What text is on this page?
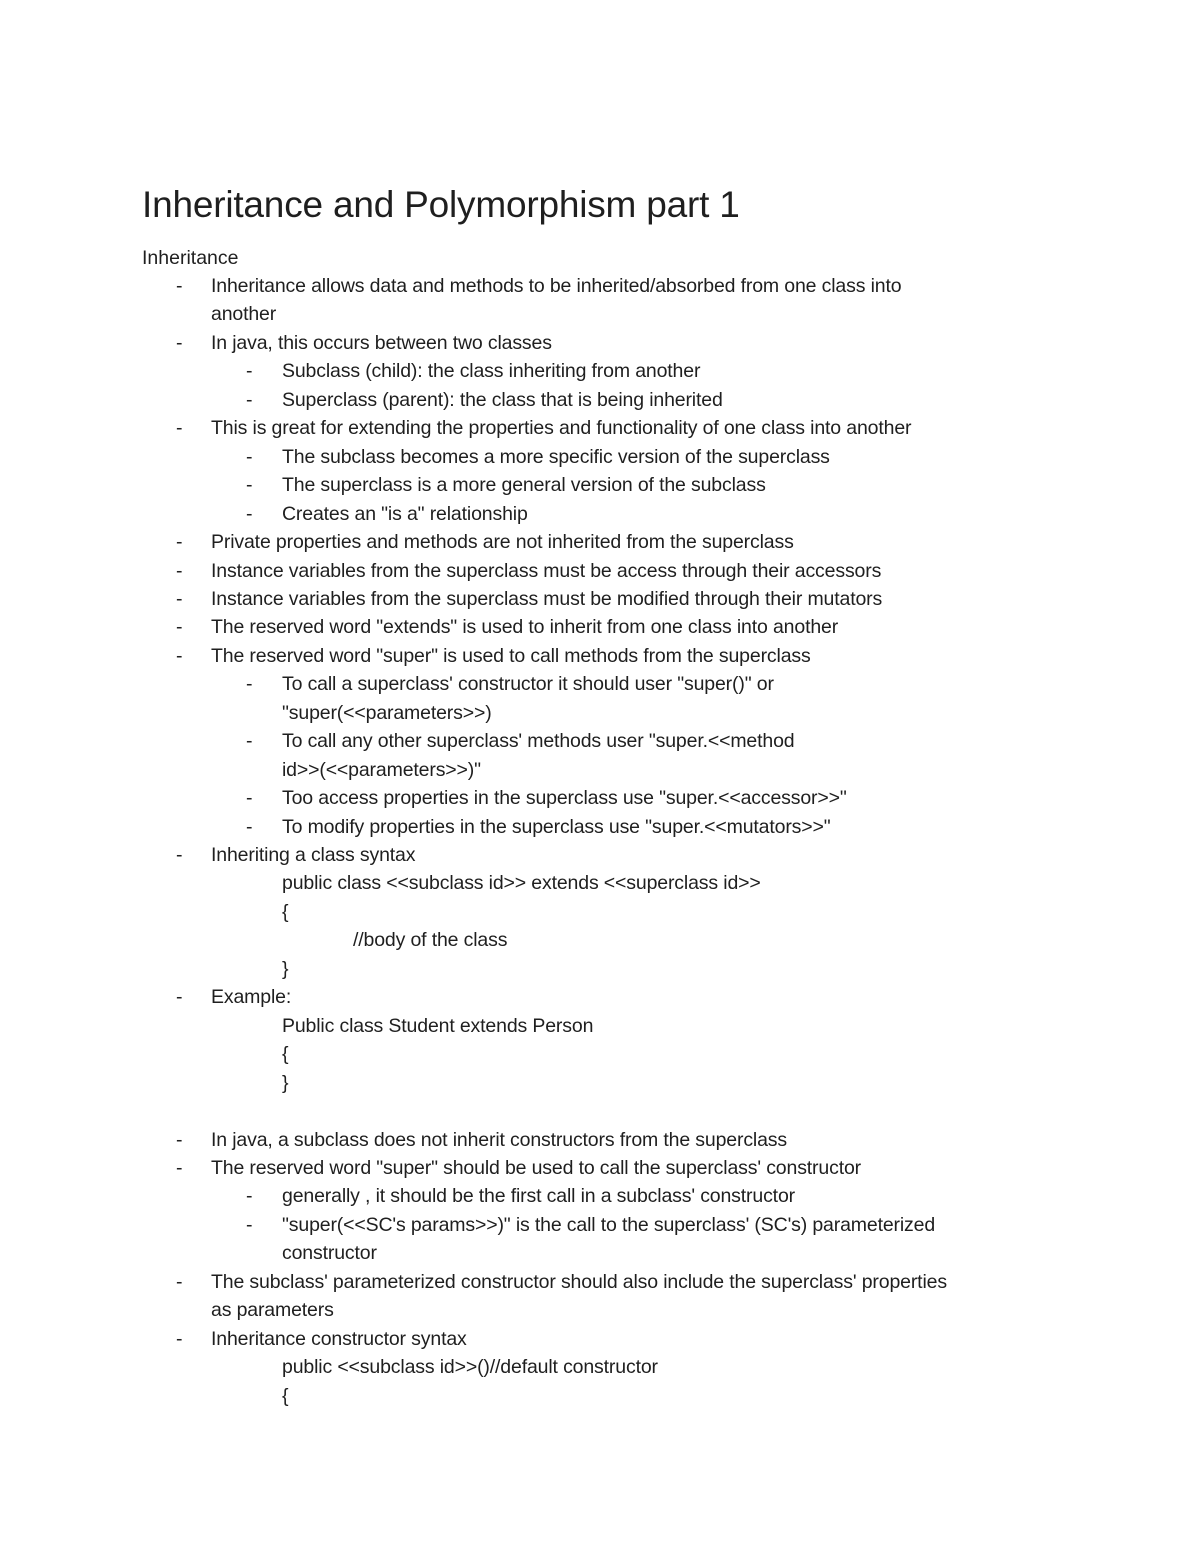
Inheritance and Polymorphism part 1
Inheritance
- Inheritance allows data and methods to be inherited/absorbed from one class into
another
- In java, this occurs between two classes
- Subclass (child): the class inheriting from another
- Superclass (parent): the class that is being inherited
- This is great for extending the properties and functionality of one class into another
- The subclass becomes a more specific version of the superclass
- The superclass is a more general version of the subclass
- Creates an "is a" relationship
- Private properties and methods are not inherited from the superclass
- Instance variables from the superclass must be access through their accessors
- Instance variables from the superclass must be modified through their mutators
- The reserved word "extends" is used to inherit from one class into another
- The reserved word "super" is used to call methods from the superclass
- To call a superclass' constructor it should user "super()" or
"super(<<parameters>>)
- To call any other superclass' methods user "super.<<method
id>>(<<parameters>>)"
- Too access properties in the superclass use "super.<<accessor>>"
- To modify properties in the superclass use "super.<<mutators>>"
- Inheriting a class syntax
public class <<subclass id>> extends <<superclass id>>
{
//body of the class
}
- Example:
Public class Student extends Person
{
}
- In java, a subclass does not inherit constructors from the superclass
- The reserved word "super" should be used to call the superclass' constructor
- generally , it should be the first call in a subclass' constructor
- "super(<<SC's params>>)" is the call to the superclass' (SC's) parameterized
constructor
- The subclass' parameterized constructor should also include the superclass' properties
as parameters
- Inheritance constructor syntax
public <<subclass id>>()//default constructor
{
